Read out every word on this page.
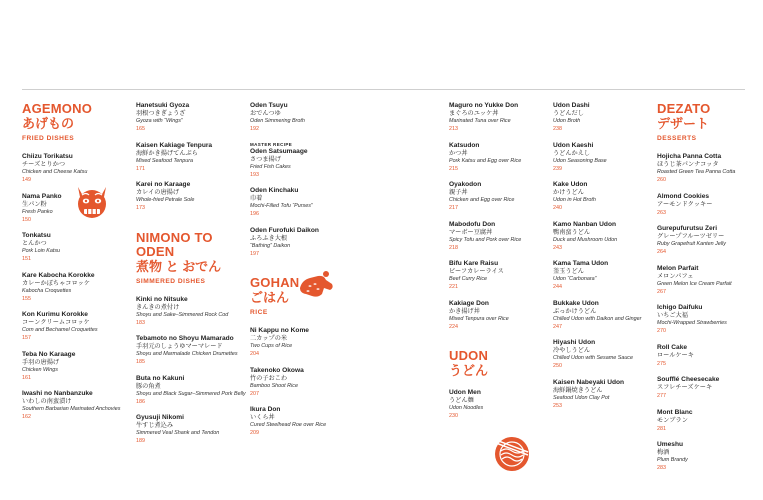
AGEMONO
あげもの
FRIED DISHES
Chiizu Torikatsu
チーズとりかつ
Chicken and Cheese Katsu
149
Nama Panko
生パン粉
Fresh Panko
150
Tonkatsu
とんかつ
Pork Loin Katsu
151
Kare Kabocha Korokke
カレーかぼちゃコロッケ
Kabocha Croquettes
155
Kon Kurimu Korokke
コーンクリームコロッケ
Corn and Bechamel Croquettes
157
Teba No Karaage
手羽の唐揚げ
Chicken Wings
161
Iwashi no Nanbanzuke
いわしの南蛮漬け
Southern Barbarian Marinated Anchovies
162
Hanetsuki Gyoza
羽根つきぎょうざ
Gyoza with “Wings”
165
Kaisen Kakiage Tenpura
海鮮かき揚げてんぷら
Mixed Seafood Tenpura
171
Karei no Karaage
カレイの唐揚げ
Whole-fried Petrale Sole
173
NIMONO TO ODEN
煮物 と おでん
SIMMERED DISHES
Kinki no Nitsuke
きんきの煮付け
Shoyu and Sake–Simmered Rock Cod
183
Tebamoto no Shoyu Mamarado
手羽元のしょうゆマーマレード
Shoyu and Marmalade Chicken Drumettes
185
Buta no Kakuni
豚の角煮
Shoyu and Black Sugar–Simmered Pork Belly
186
Gyusuji Nikomi
牛すじ煮込み
Simmered Veal Shank and Tendon
189
Oden Tsuyu
おでんつゆ
Oden Simmering Broth
192
MASTER RECIPE
Oden Satsumaage
さつま揚げ
Fried Fish Cakes
193
Oden Kinchaku
巾着
Mochi-Filled Tofu “Purses”
196
Oden Furofuki Daikon
ふろふき大根
“Bathing” Daikon
197
GOHAN
ごはん
RICE
Ni Kappu no Kome
二カップの米
Two Cups of Rice
204
Takenoko Okowa
竹の子おこわ
Bamboo Shoot Rice
207
Ikura Don
いくら丼
Cured Steelhead Roe over Rice
209
Maguro no Yukke Don
まぐろのユッケ丼
Marinated Tuna over Rice
213
Katsudon
かつ丼
Pork Katsu and Egg over Rice
215
Oyakodon
親子丼
Chicken and Egg over Rice
217
Mabodofu Don
マーボー豆腐丼
Spicy Tofu and Pork over Rice
218
Bifu Kare Raisu
ビーフカレーライス
Beef Curry Rice
221
Kakiage Don
かき揚げ丼
Mixed Tenpura over Rice
224
UDON
うどん
Udon Men
うどん麺
Udon Noodles
230
Udon Dashi
うどんだし
Udon Broth
238
Udon Kaeshi
うどんかえし
Udon Seasoning Base
239
Kake Udon
かけうどん
Udon in Hot Broth
240
Kamo Nanban Udon
鴨南蛮うどん
Duck and Mushroom Udon
243
Kama Tama Udon
釜玉うどん
Udon “Carbonara”
244
Bukkake Udon
ぶっかけうどん
Chilled Udon with Daikon and Ginger
247
Hiyashi Udon
冷やしうどん
Chilled Udon with Sesame Sauce
250
Kaisen Nabeyaki Udon
海鮮鍋焼きうどん
Seafood Udon Clay Pot
253
DEZATO
デザート
DESSERTS
Hojicha Panna Cotta
ほうじ茶パンナコッタ
Roasted Green Tea Panna Cotta
260
Almond Cookies
アーモンドクッキー
263
Gurepufurutsu Zeri
グレープフルーツゼリー
Ruby Grapefruit Kanten Jelly
264
Melon Parfait
メロンパフェ
Green Melon Ice Cream Parfait
267
Ichigo Daifuku
いちご大福
Mochi-Wrapped Strawberries
270
Roll Cake
ロールケーキ
275
Soufflé Cheesecake
スフレチーズケーキ
277
Mont Blanc
モンブラン
281
Umeshu
梅酒
Plum Brandy
283
